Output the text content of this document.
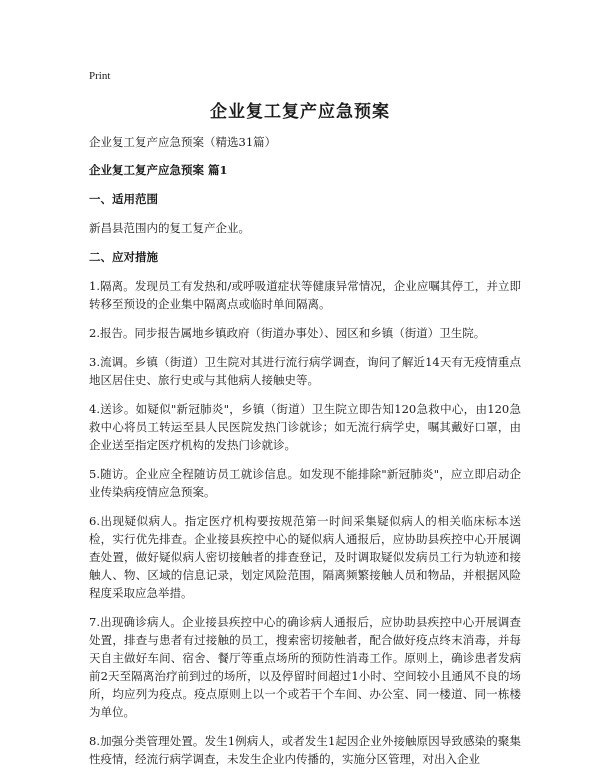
Print
企业复工复产应急预案

企业复工复产应急预案（精选31篇）

企业复工复产应急预案 篇1

一、适用范围

新昌县范围内的复工复产企业。

二、应对措施

1.隔离。发现员工有发热和/或呼吸道症状等健康异常情况，企业应嘱其停工，并立即转移至预设的企业集中隔离点或临时单间隔离。

2.报告。同步报告属地乡镇政府（街道办事处）、园区和乡镇（街道）卫生院。

3.流调。乡镇（街道）卫生院对其进行流行病学调查，询问了解近14天有无疫情重点地区居住史、旅行史或与其他病人接触史等。

4.送诊。如疑似"新冠肺炎"，乡镇（街道）卫生院立即告知120急救中心，由120急救中心将员工转运至县人民医院发热门诊就诊；如无流行病学史，嘱其戴好口罩，由企业送至指定医疗机构的发热门诊就诊。

5.随访。企业应全程随访员工就诊信息。如发现不能排除"新冠肺炎"，应立即启动企业传染病疫情应急预案。

6.出现疑似病人。指定医疗机构要按规范第一时间采集疑似病人的相关临床标本送检，实行优先排查。企业接县疾控中心的疑似病人通报后，应协助县疾控中心开展调查处置，做好疑似病人密切接触者的排查登记，及时调取疑似发病员工行为轨迹和接触人、物、区域的信息记录，划定风险范围，隔离频繁接触人员和物品，并根据风险程度采取应急举措。

7.出现确诊病人。企业接县疾控中心的确诊病人通报后，应协助县疾控中心开展调查处置，排查与患者有过接触的员工，搜索密切接触者，配合做好疫点终末消毒，并每天自主做好车间、宿舍、餐厅等重点场所的预防性消毒工作。原则上，确诊患者发病前2天至隔离治疗前到过的场所，以及停留时间超过1小时、空间较小且通风不良的场所，均应列为疫点。疫点原则上以一个或若干个车间、办公室、同一楼道、同一栋楼为单位。

8.加强分类管理处置。发生1例病人，或者发生1起因企业外接触原因导致感染的聚集性疫情，经流行病学调查，未发生企业内传播的，实施分区管理，对出入企业
